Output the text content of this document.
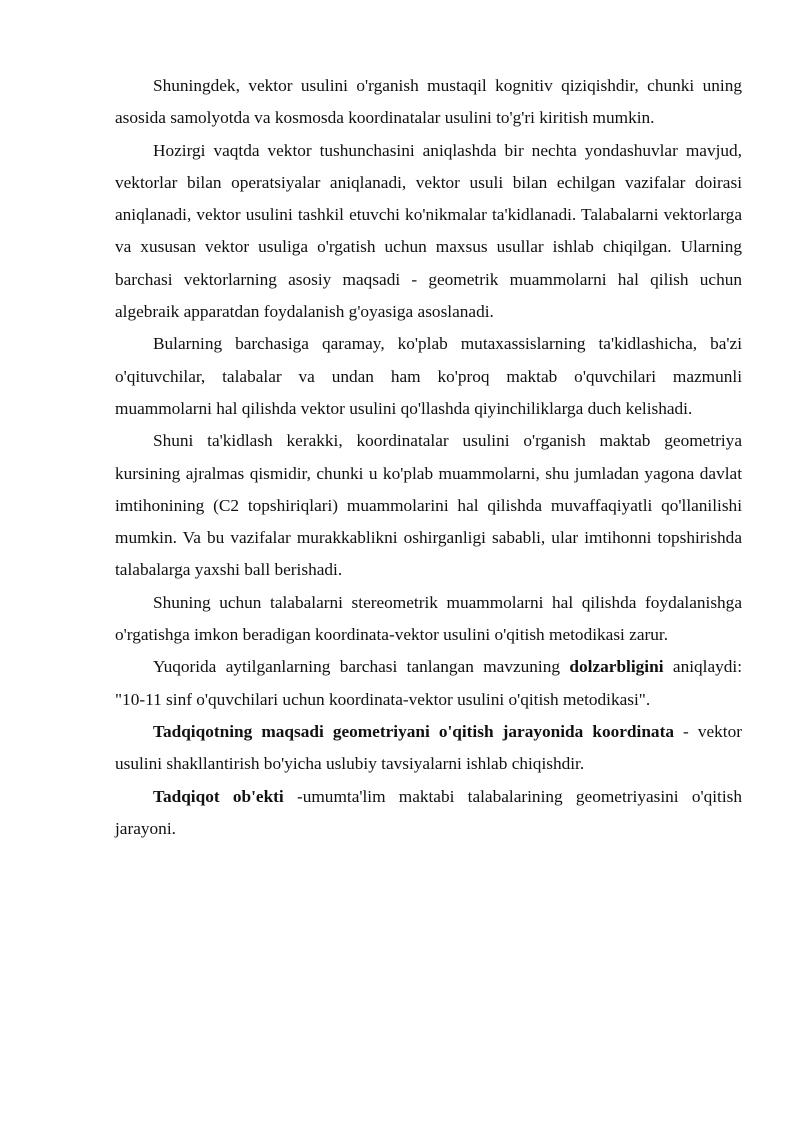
Shuningdek, vektor usulini o'rganish mustaqil kognitiv qiziqishdir, chunki uning asosida samolyotda va kosmosda koordinatalar usulini to'g'ri kiritish mumkin.

Hozirgi vaqtda vektor tushunchasini aniqlashda bir nechta yondashuvlar mavjud, vektorlar bilan operatsiyalar aniqlanadi, vektor usuli bilan echilgan vazifalar doirasi aniqlanadi, vektor usulini tashkil etuvchi ko'nikmalar ta'kidlanadi. Talabalarni vektorlarga va xususan vektor usuliga o'rgatish uchun maxsus usullar ishlab chiqilgan. Ularning barchasi vektorlarning asosiy maqsadi - geometrik muammolarni hal qilish uchun algebraik apparatdan foydalanish g'oyasiga asoslanadi.

Bularning barchasiga qaramay, ko'plab mutaxassislarning ta'kidlashicha, ba'zi o'qituvchilar, talabalar va undan ham ko'proq maktab o'quvchilari mazmunli muammolarni hal qilishda vektor usulini qo'llashda qiyinchiliklarga duch kelishadi.

Shuni ta'kidlash kerakki, koordinatalar usulini o'rganish maktab geometriya kursining ajralmas qismidir, chunki u ko'plab muammolarni, shu jumladan yagona davlat imtihonining (C2 topshiriqlari) muammolarini hal qilishda muvaffaqiyatli qo'llanilishi mumkin. Va bu vazifalar murakkablikni oshirganligi sababli, ular imtihonni topshirishda talabalarga yaxshi ball berishadi.

Shuning uchun talabalarni stereometrik muammolarni hal qilishda foydalanishga o'rgatishga imkon beradigan koordinata-vektor usulini o'qitish metodikasi zarur.

Yuqorida aytilganlarning barchasi tanlangan mavzuning dolzarbligini aniqlaydi: "10-11 sinf o'quvchilari uchun koordinata-vektor usulini o'qitish metodikasi".

Tadqiqotning maqsadi geometriyani o'qitish jarayonida koordinata - vektor usulini shakllantirish bo'yicha uslubiy tavsiyalarni ishlab chiqishdir.

Tadqiqot ob'ekti -umumta'lim maktabi talabalarining geometriyasini o'qitish jarayoni.
